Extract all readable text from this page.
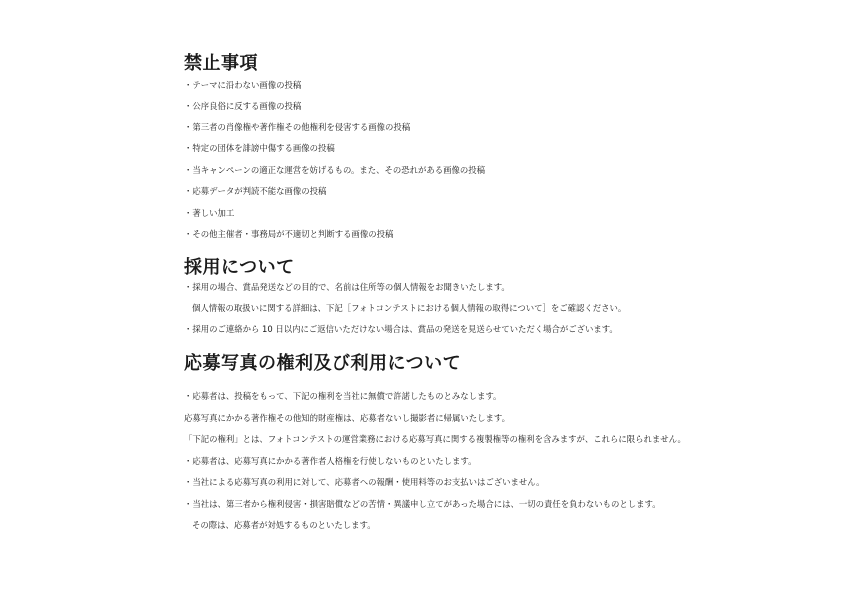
禁止事項
・テーマに沿わない画像の投稿
・公序良俗に反する画像の投稿
・第三者の肖像権や著作権その他権利を侵害する画像の投稿
・特定の団体を誹謗中傷する画像の投稿
・当キャンペーンの適正な運営を妨げるもの。また、その恐れがある画像の投稿
・応募データが判読不能な画像の投稿
・著しい加工
・その他主催者・事務局が不適切と判断する画像の投稿
採用について
・採用の場合、賞品発送などの目的で、名前は住所等の個人情報をお聞きいたします。
個人情報の取扱いに関する詳細は、下記［フォトコンテストにおける個人情報の取得について］をご確認ください。
・採用のご連絡から 10 日以内にご返信いただけない場合は、賞品の発送を見送らせていただく場合がございます。
応募写真の権利及び利用について
・応募者は、投稿をもって、下記の権利を当社に無償で許諾したものとみなします。
応募写真にかかる著作権その他知的財産権は、応募者ないし撮影者に帰属いたします。
「下記の権利」とは、フォトコンテストの運営業務における応募写真に関する複製権等の権利を含みますが、これらに限られません。
・応募者は、応募写真にかかる著作者人格権を行使しないものといたします。
・当社による応募写真の利用に対して、応募者への報酬・使用料等のお支払いはございません。
・当社は、第三者から権利侵害・損害賠償などの苦情・異議申し立てがあった場合には、一切の責任を負わないものとします。
その際は、応募者が対処するものといたします。
